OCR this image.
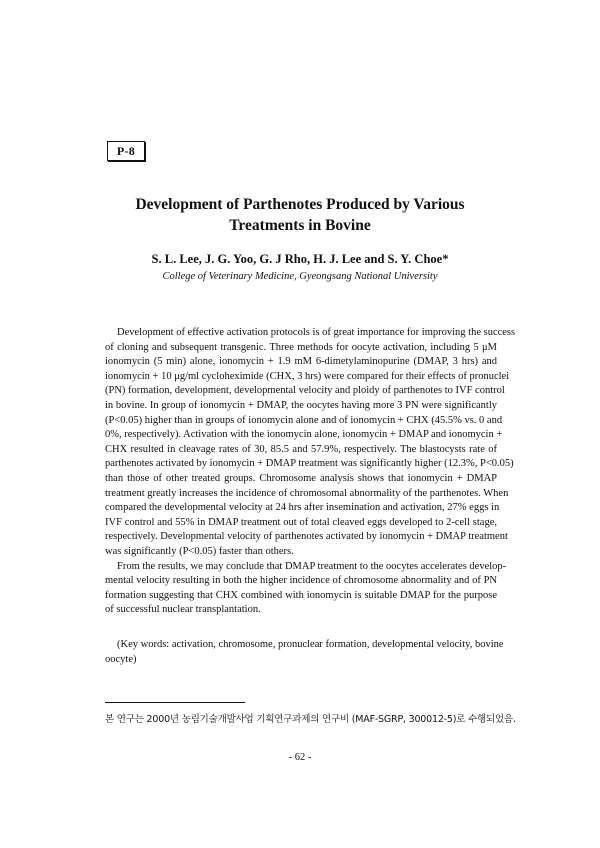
P-8
Development of Parthenotes Produced by Various
Treatments in Bovine
S. L. Lee, J. G. Yoo, G. J Rho, H. J. Lee and S. Y. Choe*
College of Veterinary Medicine, Gyeongsang National University
Development of effective activation protocols is of great importance for improving the success
of cloning and subsequent transgenic. Three methods for oocyte activation, including 5 μM
ionomycin (5 min) alone, ionomycin + 1.9 mM 6-dimetylaminopurine (DMAP, 3 hrs) and
ionomycin + 10 μg/ml cycloheximide (CHX, 3 hrs) were compared for their effects of pronuclei
(PN) formation, development, developmental velocity and ploidy of parthenotes to IVF control
in bovine. In group of ionomycin + DMAP, the oocytes having more 3 PN were significantly
(P<0.05) higher than in groups of ionomycin alone and of ionomycin + CHX (45.5% vs. 0 and
0%, respectively). Activation with the ionomycin alone, ionomycin + DMAP and ionomycin +
CHX resulted in cleavage rates of 30, 85.5 and 57.9%, respectively. The blastocysts rate of
parthenotes activated by ionomycin + DMAP treatment was significantly higher (12.3%, P<0.05)
than those of other treated groups. Chromosome analysis shows that ionomycin + DMAP
treatment greatly increases the incidence of chromosomal abnormality of the parthenotes. When
compared the developmental velocity at 24 hrs after insemination and activation, 27% eggs in
IVF control and 55% in DMAP treatment out of total cleaved eggs developed to 2-cell stage,
respectively. Developmental velocity of parthenotes activated by ionomycin + DMAP treatment
was significantly (P<0.05) faster than others.
From the results, we may conclude that DMAP treatment to the oocytes accelerates develop-
mental velocity resulting in both the higher incidence of chromosome abnormality and of PN
formation suggesting that CHX combined with ionomycin is suitable DMAP for the purpose
of successful nuclear transplantation.
(Key words: activation, chromosome, pronuclear formation, developmental velocity, bovine
oocyte)
본 연구는 2000년 농림기술개발사업 기획연구과제의 연구비 (MAF-SGRP, 300012-5)로 수행되었음.
- 62 -
